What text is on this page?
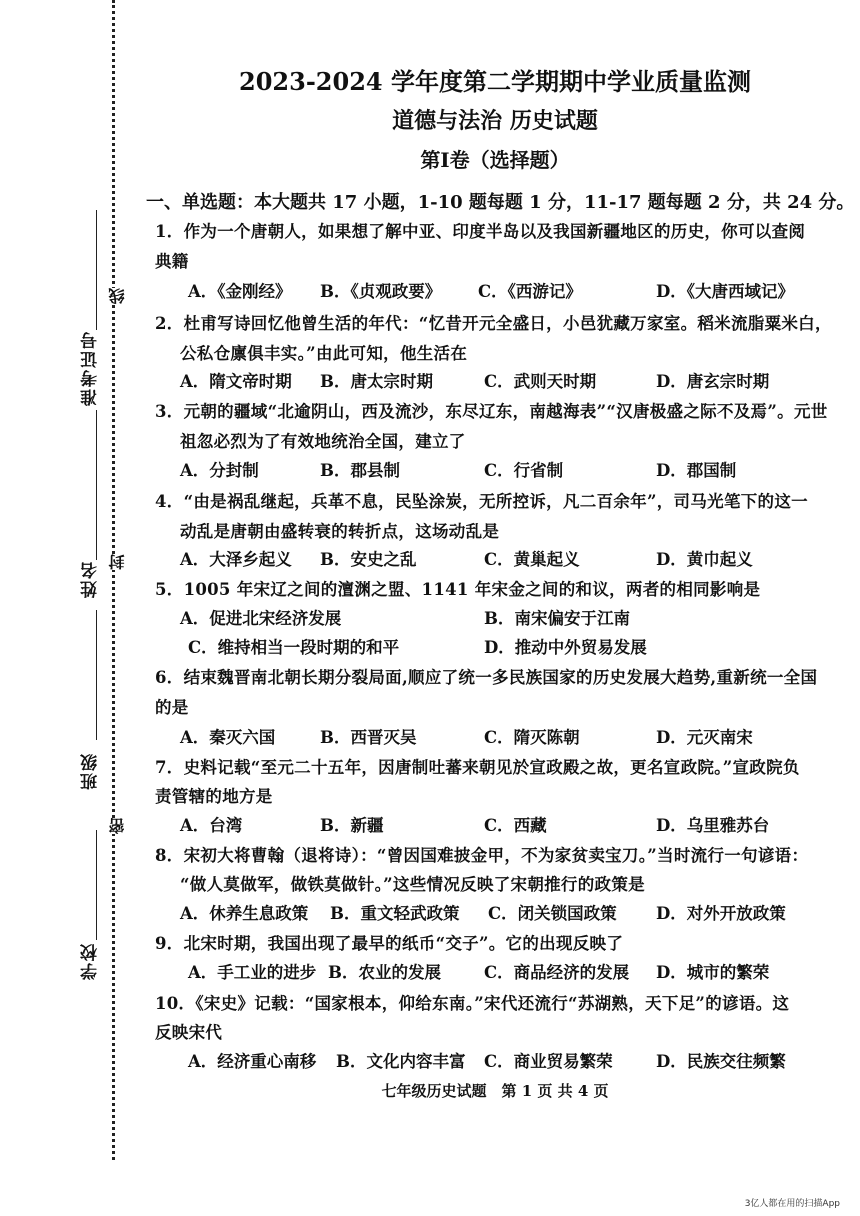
准考证号
姓名
班级
学校
线
封
密
2023-2024 学年度第二学期期中学业质量监测
道德与法治 历史试题
第Ⅰ卷（选择题）
一、单选题：本大题共 17 小题，1-10 题每题 1 分，11-17 题每题 2 分，共 24 分。
1．作为一个唐朝人，如果想了解中亚、印度半岛以及我国新疆地区的历史，你可以查阅
典籍
A．《金刚经》 B．《贞观政要》 C．《西游记》	D．《大唐西域记》
2．杜甫写诗回忆他曾生活的年代：“忆昔开元全盛日，小邑犹藏万家室。稻米流脂粟米白，
公私仓廪俱丰实。”由此可知，他生活在
A．隋文帝时期 B．唐太宗时期	C．武则天时期	D．唐玄宗时期
3．元朝的疆域“北逾阴山，西及流沙，东尽辽东，南越海表”“汉唐极盛之际不及焉”。元世
祖忽必烈为了有效地统治全国，建立了
A．分封制	B．郡县制	C．行省制	D．郡国制
4．“由是祸乱继起，兵革不息，民坠涂炭，无所控诉，凡二百余年”，司马光笔下的这一
动乱是唐朝由盛转衰的转折点，这场动乱是
A．大泽乡起义 B．安史之乱	C．黄巢起义	D．黄巾起义
5．1005 年宋辽之间的澶渊之盟、1141 年宋金之间的和议，两者的相同影响是
A．促进北宋经济发展	B．南宋偏安于江南
C．维持相当一段时期的和平	D．推动中外贸易发展
6．结束魏晋南北朝长期分裂局面,顺应了统一多民族国家的历史发展大趋势,重新统一全国
的是
A．秦灭六国	B．西晋灭吴	C．隋灭陈朝	D．元灭南宋
7．史料记载“至元二十五年，因唐制吐蕃来朝见於宣政殿之故，更名宣政院。”宣政院负
责管辖的地方是
A．台湾	B．新疆	C．西藏	D．乌里雅苏台
8．宋初大将曹翰（退将诗）：“曾因国难披金甲，不为家贫卖宝刀。”当时流行一句谚语：
“做人莫做军，做铁莫做针。”这些情况反映了宋朝推行的政策是
A．休养生息政策 B．重文轻武政策 C．闭关锁国政策 D．对外开放政策
9．北宋时期，我国出现了最早的纸币“交子”。它的出现反映了
A．手工业的进步 B．农业的发展	C．商品经济的发展 D．城市的繁荣
10．《宋史》记载：“国家根本，仰给东南。”宋代还流行“苏湖熟，天下足”的谚语。这
反映宋代
A．经济重心南移 B．文化内容丰富 C．商业贸易繁荣	D．民族交往频繁
七年级历史试题　第 1 页 共 4 页
3亿人都在用的扫描App
